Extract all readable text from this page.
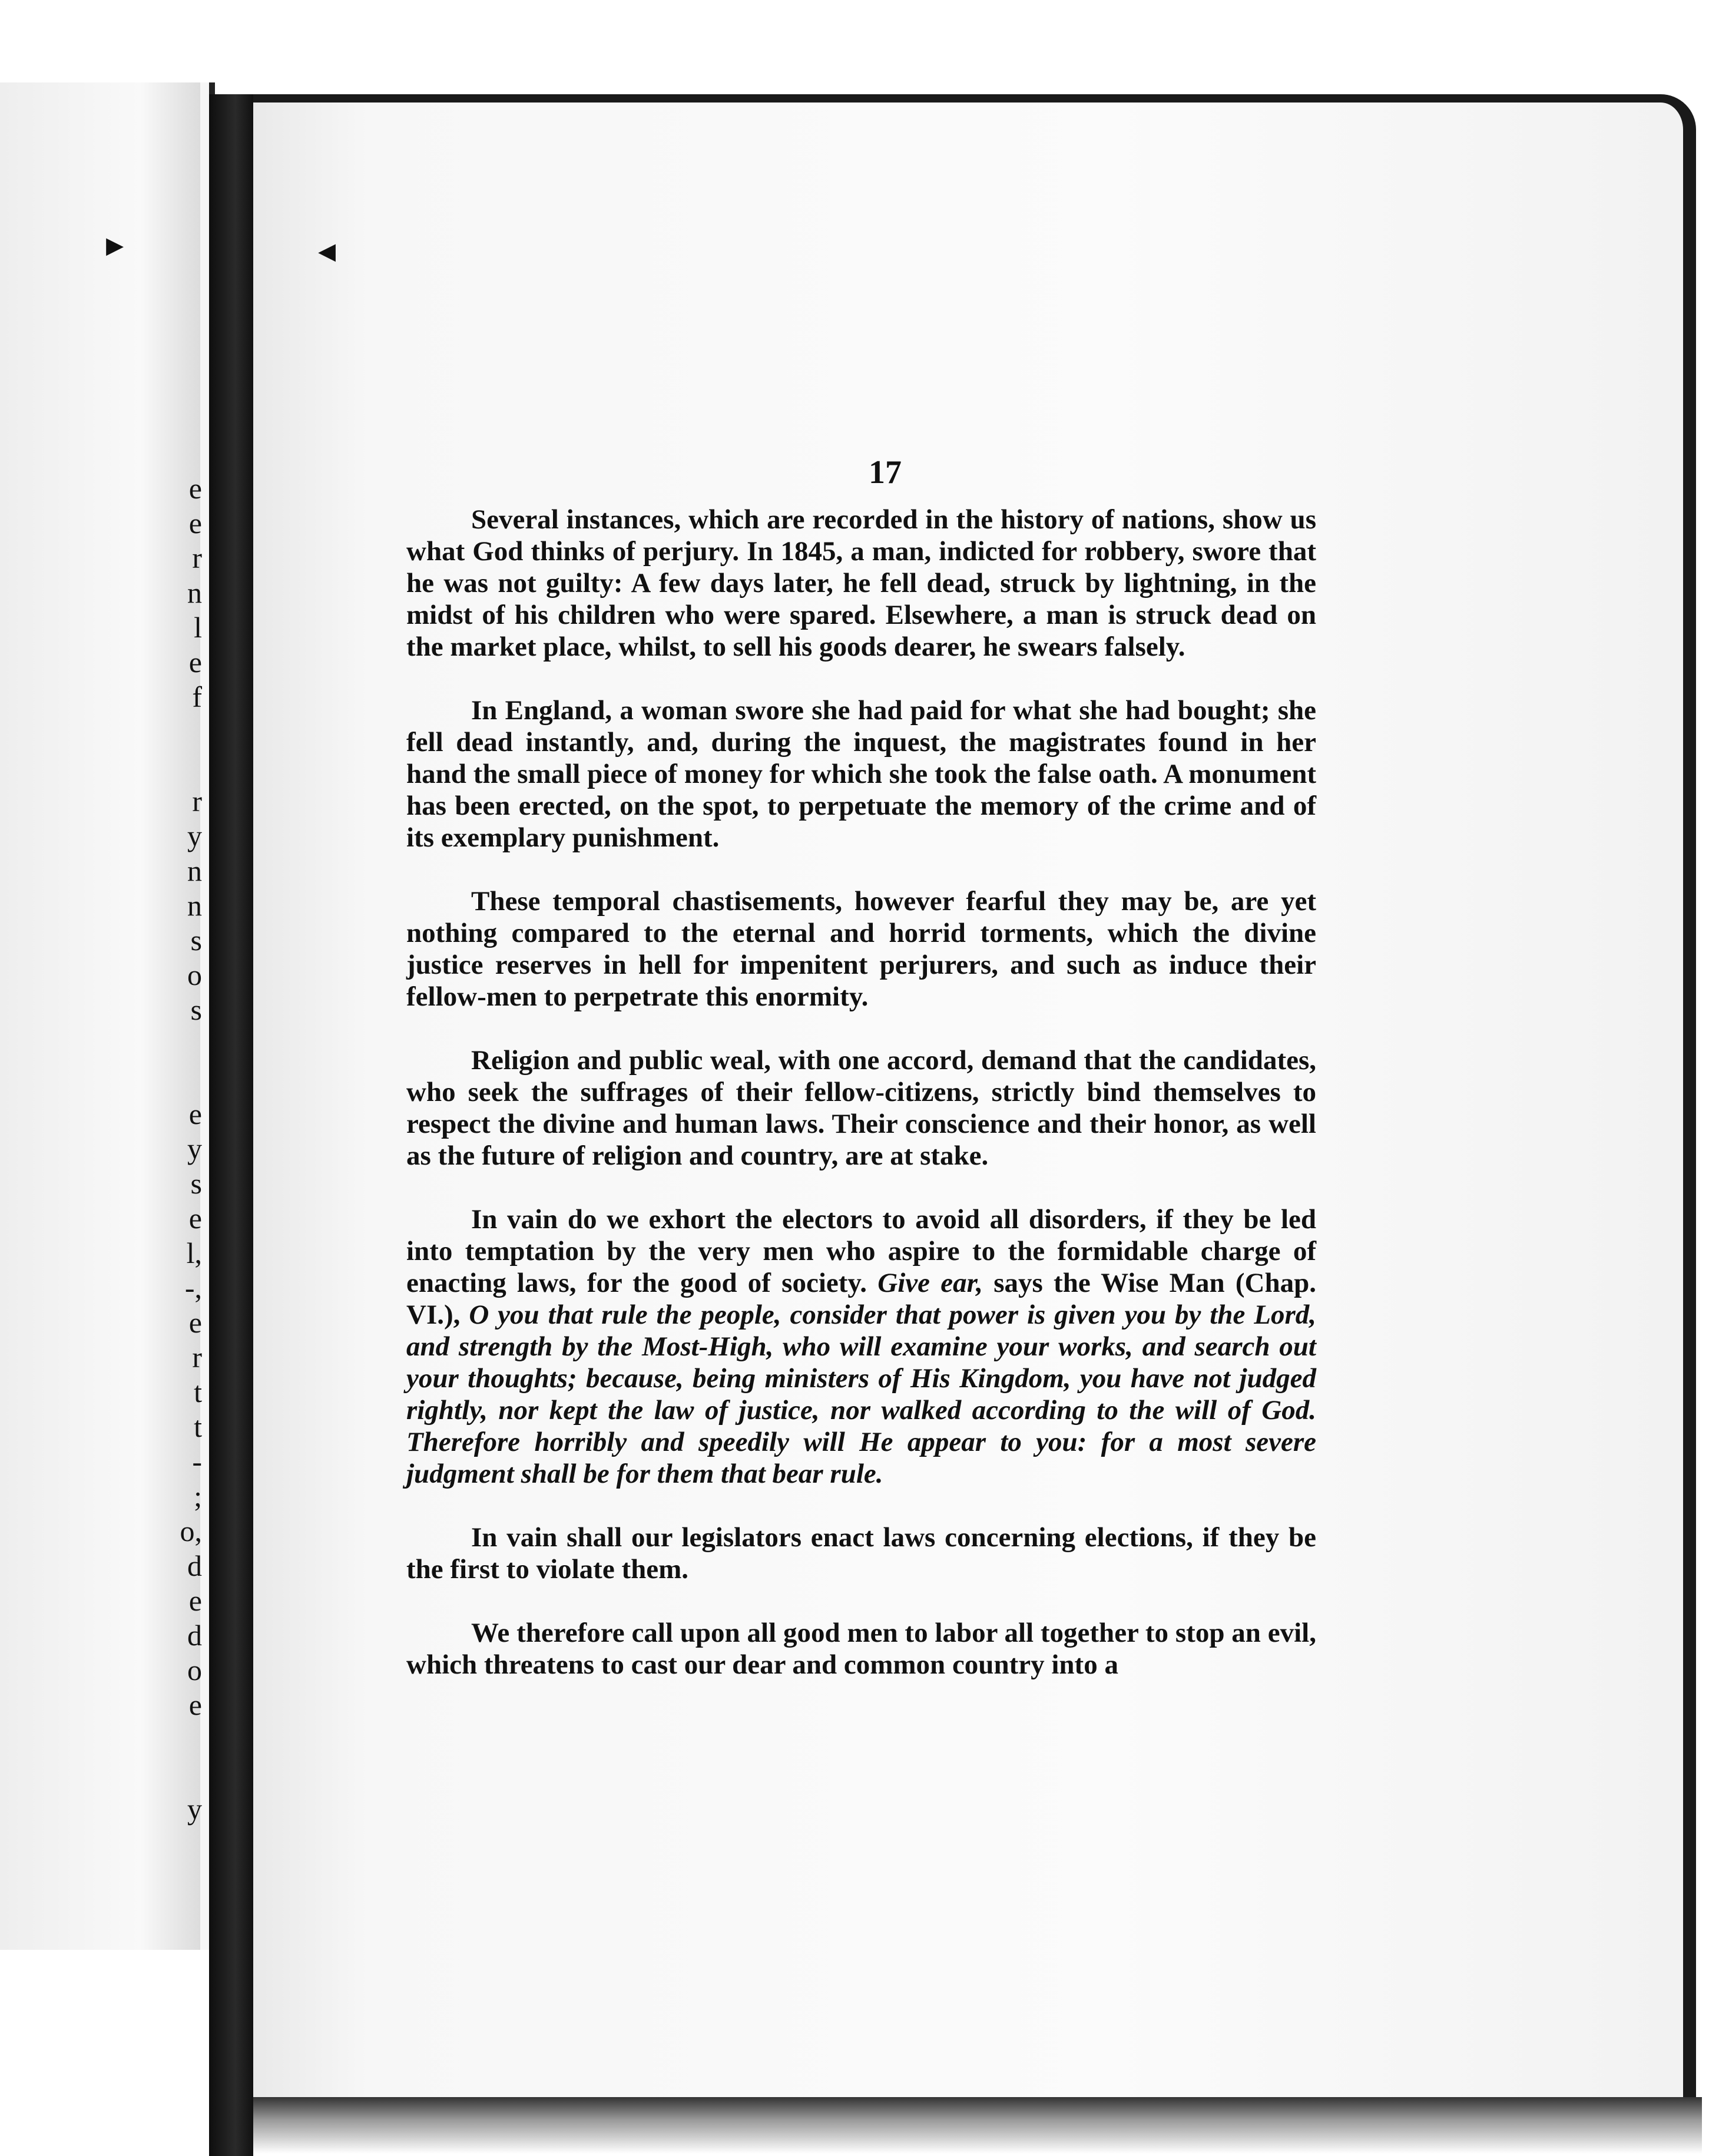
e
e
r
n
l
e
f
r
y
n
n
s
o
s
e
y
s
e
l,
-,
e
r
t
t
-
;
o,
d
e
d
o
e
y
▸	◂
17

Several instances, which are recorded in the history of nations, show us what God thinks of perjury. In 1845, a man, indicted for robbery, swore that he was not guilty: A few days later, he fell dead, struck by lightning, in the midst of his children who were spared. Elsewhere, a man is struck dead on the market place, whilst, to sell his goods dearer, he swears falsely.

In England, a woman swore she had paid for what she had bought; she fell dead instantly, and, during the inquest, the magistrates found in her hand the small piece of money for which she took the false oath. A monument has been erected, on the spot, to perpetuate the memory of the crime and of its exemplary punishment.

These temporal chastisements, however fearful they may be, are yet nothing compared to the eternal and horrid torments, which the divine justice reserves in hell for impenitent perjurers, and such as induce their fellow-men to perpetrate this enormity.

Religion and public weal, with one accord, demand that the candidates, who seek the suffrages of their fellow-citizens, strictly bind themselves to respect the divine and human laws. Their conscience and their honor, as well as the future of religion and country, are at stake.

In vain do we exhort the electors to avoid all disorders, if they be led into temptation by the very men who aspire to the formidable charge of enacting laws, for the good of society. Give ear, says the Wise Man (Chap. VI.), O you that rule the people, consider that power is given you by the Lord, and strength by the Most-High, who will examine your works, and search out your thoughts; because, being ministers of His Kingdom, you have not judged rightly, nor kept the law of justice, nor walked according to the will of God. Therefore horribly and speedily will He appear to you: for a most severe judgment shall be for them that bear rule.

In vain shall our legislators enact laws concerning elections, if they be the first to violate them.

We therefore call upon all good men to labor all together to stop an evil, which threatens to cast our dear and common country into a
